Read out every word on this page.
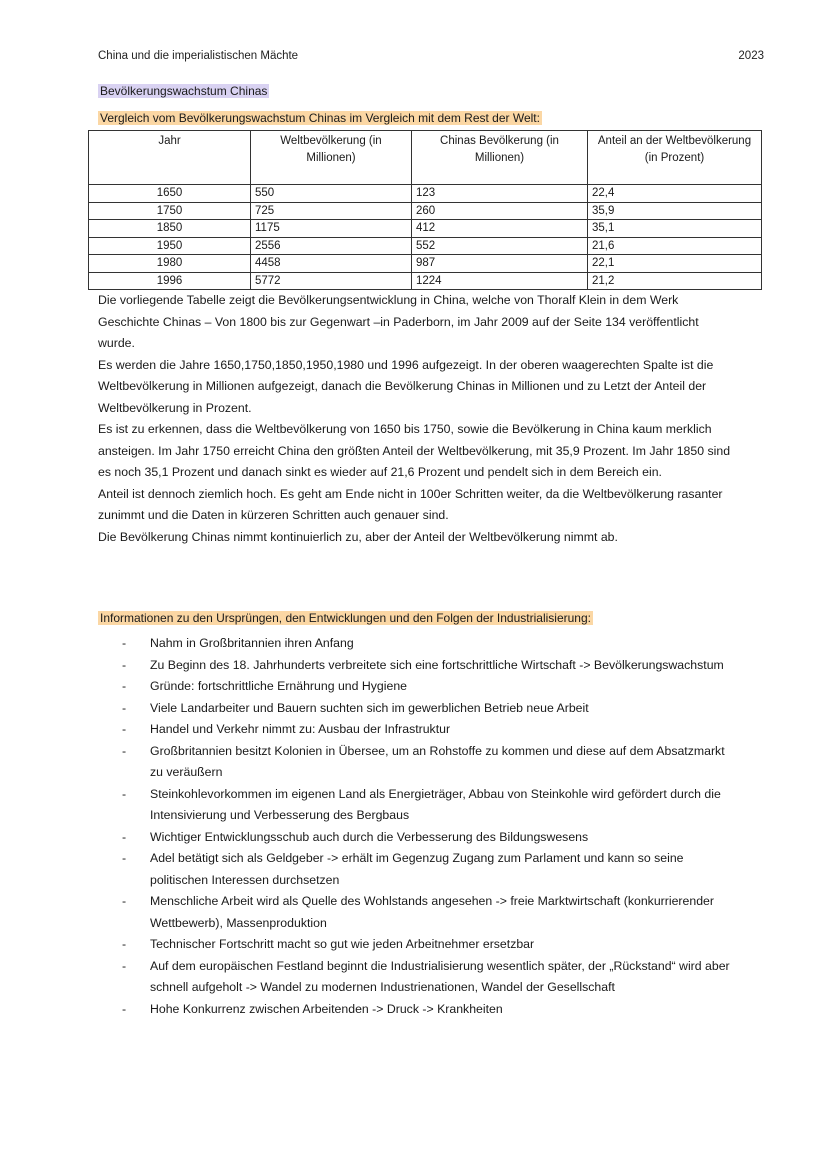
China und die imperialistischen Mächte	2023
Bevölkerungswachstum Chinas
Vergleich vom Bevölkerungswachstum Chinas im Vergleich mit dem Rest der Welt:
Jahr	Weltbevölkerung (in Millionen)	Chinas Bevölkerung (in Millionen)	Anteil an der Weltbevölkerung (in Prozent)
1650	550	123	22,4
1750	725	260	35,9
1850	1175	412	35,1
1950	2556	552	21,6
1980	4458	987	22,1
1996	5772	1224	21,2

Die vorliegende Tabelle zeigt die Bevölkerungsentwicklung in China, welche von Thoralf Klein in dem Werk Geschichte Chinas – Von 1800 bis zur Gegenwart –in Paderborn, im Jahr 2009 auf der Seite 134 veröffentlicht wurde.

Es werden die Jahre 1650,1750,1850,1950,1980 und 1996 aufgezeigt. In der oberen waagerechten Spalte ist die Weltbevölkerung in Millionen aufgezeigt, danach die Bevölkerung Chinas in Millionen und zu Letzt der Anteil der Weltbevölkerung in Prozent.

Es ist zu erkennen, dass die Weltbevölkerung von 1650 bis 1750, sowie die Bevölkerung in China kaum merklich ansteigen. Im Jahr 1750 erreicht China den größten Anteil der Weltbevölkerung, mit 35,9 Prozent. Im Jahr 1850 sind es noch 35,1 Prozent und danach sinkt es wieder auf 21,6 Prozent und pendelt sich in dem Bereich ein.

Anteil ist dennoch ziemlich hoch. Es geht am Ende nicht in 100er Schritten weiter, da die Weltbevölkerung rasanter zunimmt und die Daten in kürzeren Schritten auch genauer sind.

Die Bevölkerung Chinas nimmt kontinuierlich zu, aber der Anteil der Weltbevölkerung nimmt ab.

Informationen zu den Ursprüngen, den Entwicklungen und den Folgen der Industrialisierung:
- Nahm in Großbritannien ihren Anfang
- Zu Beginn des 18. Jahrhunderts verbreitete sich eine fortschrittliche Wirtschaft -> Bevölkerungswachstum
- Gründe: fortschrittliche Ernährung und Hygiene
- Viele Landarbeiter und Bauern suchten sich im gewerblichen Betrieb neue Arbeit
- Handel und Verkehr nimmt zu: Ausbau der Infrastruktur
- Großbritannien besitzt Kolonien in Übersee, um an Rohstoffe zu kommen und diese auf dem Absatzmarkt zu veräußern
- Steinkohlevorkommen im eigenen Land als Energieträger, Abbau von Steinkohle wird gefördert durch die Intensivierung und Verbesserung des Bergbaus
- Wichtiger Entwicklungsschub auch durch die Verbesserung des Bildungswesens
- Adel betätigt sich als Geldgeber -> erhält im Gegenzug Zugang zum Parlament und kann so seine politischen Interessen durchsetzen
- Menschliche Arbeit wird als Quelle des Wohlstands angesehen -> freie Marktwirtschaft (konkurrierender Wettbewerb), Massenproduktion
- Technischer Fortschritt macht so gut wie jeden Arbeitnehmer ersetzbar
- Auf dem europäischen Festland beginnt die Industrialisierung wesentlich später, der „Rückstand“ wird aber schnell aufgeholt -> Wandel zu modernen Industrienationen, Wandel der Gesellschaft
- Hohe Konkurrenz zwischen Arbeitenden -> Druck -> Krankheiten
